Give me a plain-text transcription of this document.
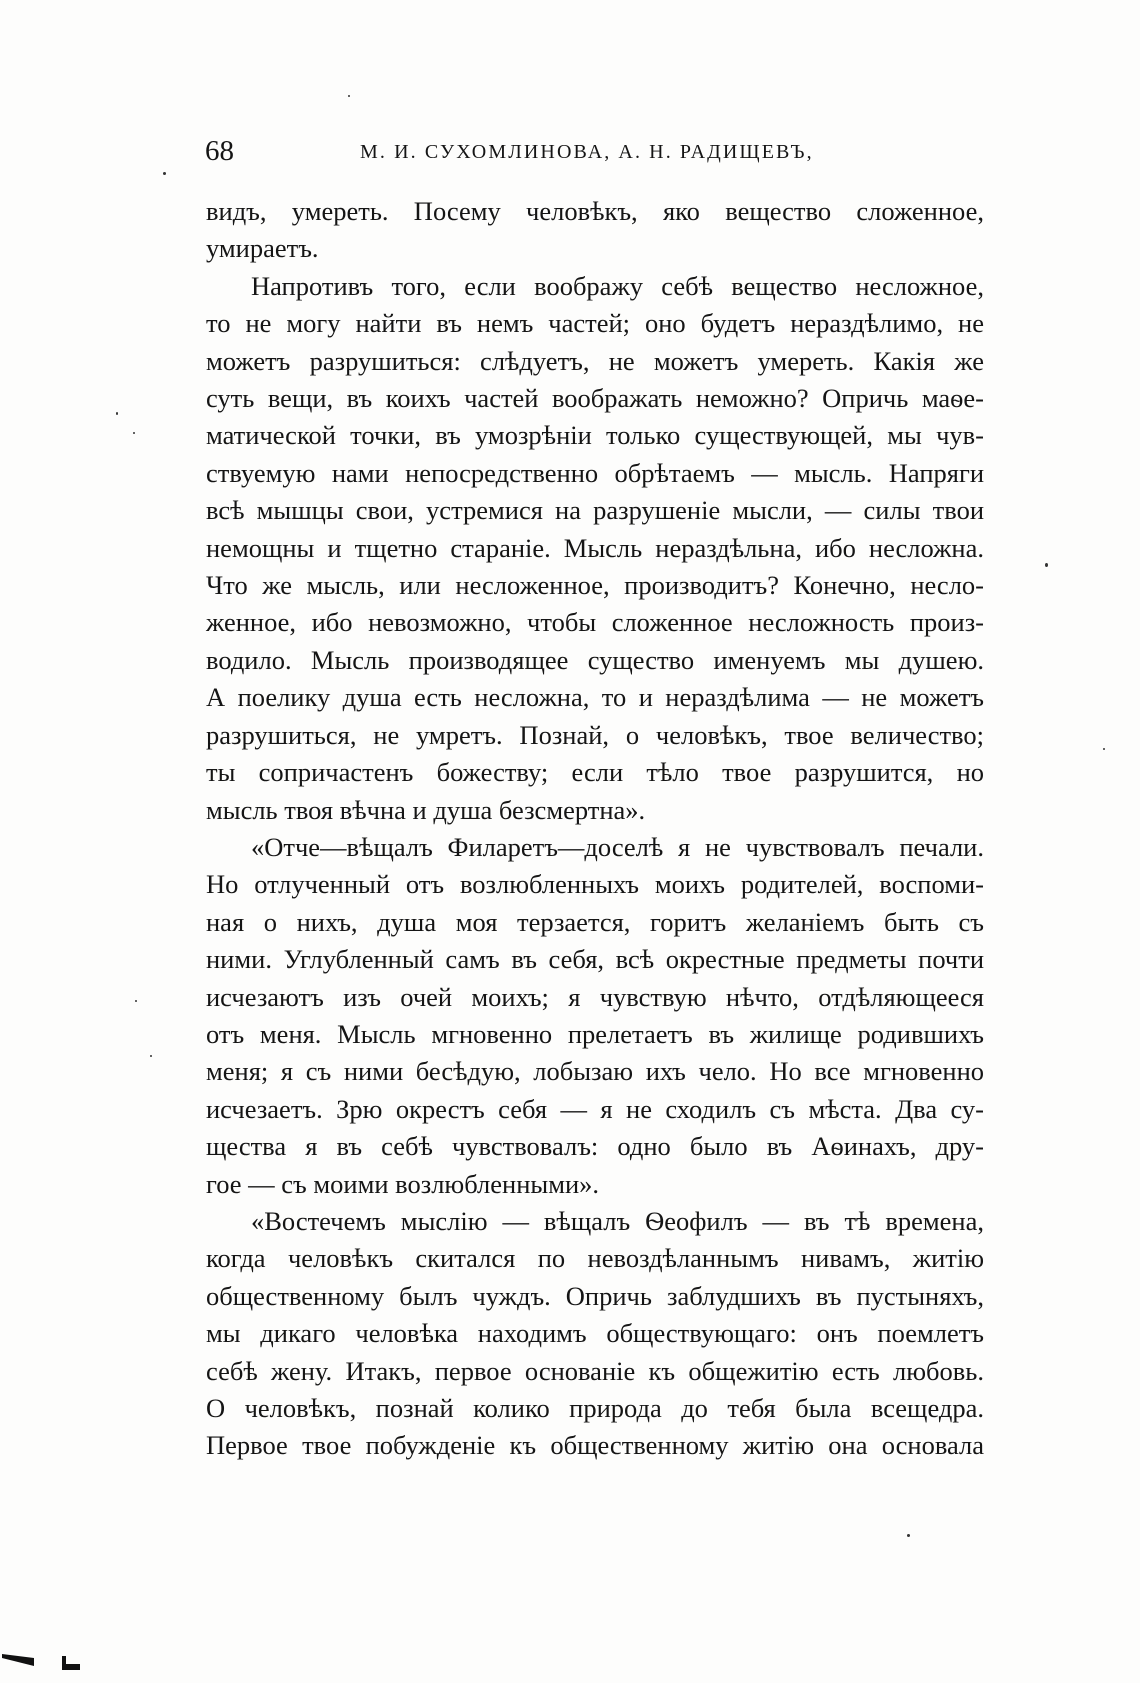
68	М. И. СУХОМЛИНОВА, А. Н. РАДИЩЕВЪ,
видъ, умереть. Посему человѣкъ, яко вещество сложенное,
умираетъ.
Напротивъ того, если воображу себѣ вещество несложное,
то не могу найти въ немъ частей; оно будетъ нераздѣлимо, не
можетъ разрушиться: слѣдуетъ, не можетъ умереть. Какія же
суть вещи, въ коихъ частей воображать неможно? Опричь маѳе-
матической точки, въ умозрѣніи только существующей, мы чув-
ствуемую нами непосредственно обрѣтаемъ — мысль. Напряги
всѣ мышцы свои, устремися на разрушеніе мысли, — силы твои
немощны и тщетно стараніе. Мысль нераздѣльна, ибо несложна.
Что же мысль, или несложенное, производитъ? Конечно, несло-
женное, ибо невозможно, чтобы сложенное несложность произ-
водило. Мысль производящее существо именуемъ мы душею.
А поелику душа есть несложна, то и нераздѣлима — не можетъ
разрушиться, не умретъ. Познай, о человѣкъ, твое величество;
ты сопричастенъ божеству; если тѣло твое разрушится, но
мысль твоя вѣчна и душа безсмертна».
«Отче—вѣщалъ Филаретъ—доселѣ я не чувствовалъ печали.
Но отлученный отъ возлюбленныхъ моихъ родителей, воспоми-
ная о нихъ, душа моя терзается, горитъ желаніемъ быть съ
ними. Углубленный самъ въ себя, всѣ окрестные предметы почти
исчезаютъ изъ очей моихъ; я чувствую нѣчто, отдѣляющееся
отъ меня. Мысль мгновенно прелетаетъ въ жилище родившихъ
меня; я съ ними бесѣдую, лобызаю ихъ чело. Но все мгновенно
исчезаетъ. Зрю окрестъ себя — я не сходилъ съ мѣста. Два су-
щества я въ себѣ чувствовалъ: одно было въ Аѳинахъ, дру-
гое — съ моими возлюбленными».
«Востечемъ мыслію — вѣщалъ Ѳеофилъ — въ тѣ времена,
когда человѣкъ скитался по невоздѣланнымъ нивамъ, житію
общественному былъ чуждъ. Опричь заблудшихъ въ пустыняхъ,
мы дикаго человѣка находимъ обществующаго: онъ поемлетъ
себѣ жену. Итакъ, первое основаніе къ общежитію есть любовь.
О человѣкъ, познай колико природа до тебя была всещедра.
Первое твое побужденіе къ общественному житію она основала
